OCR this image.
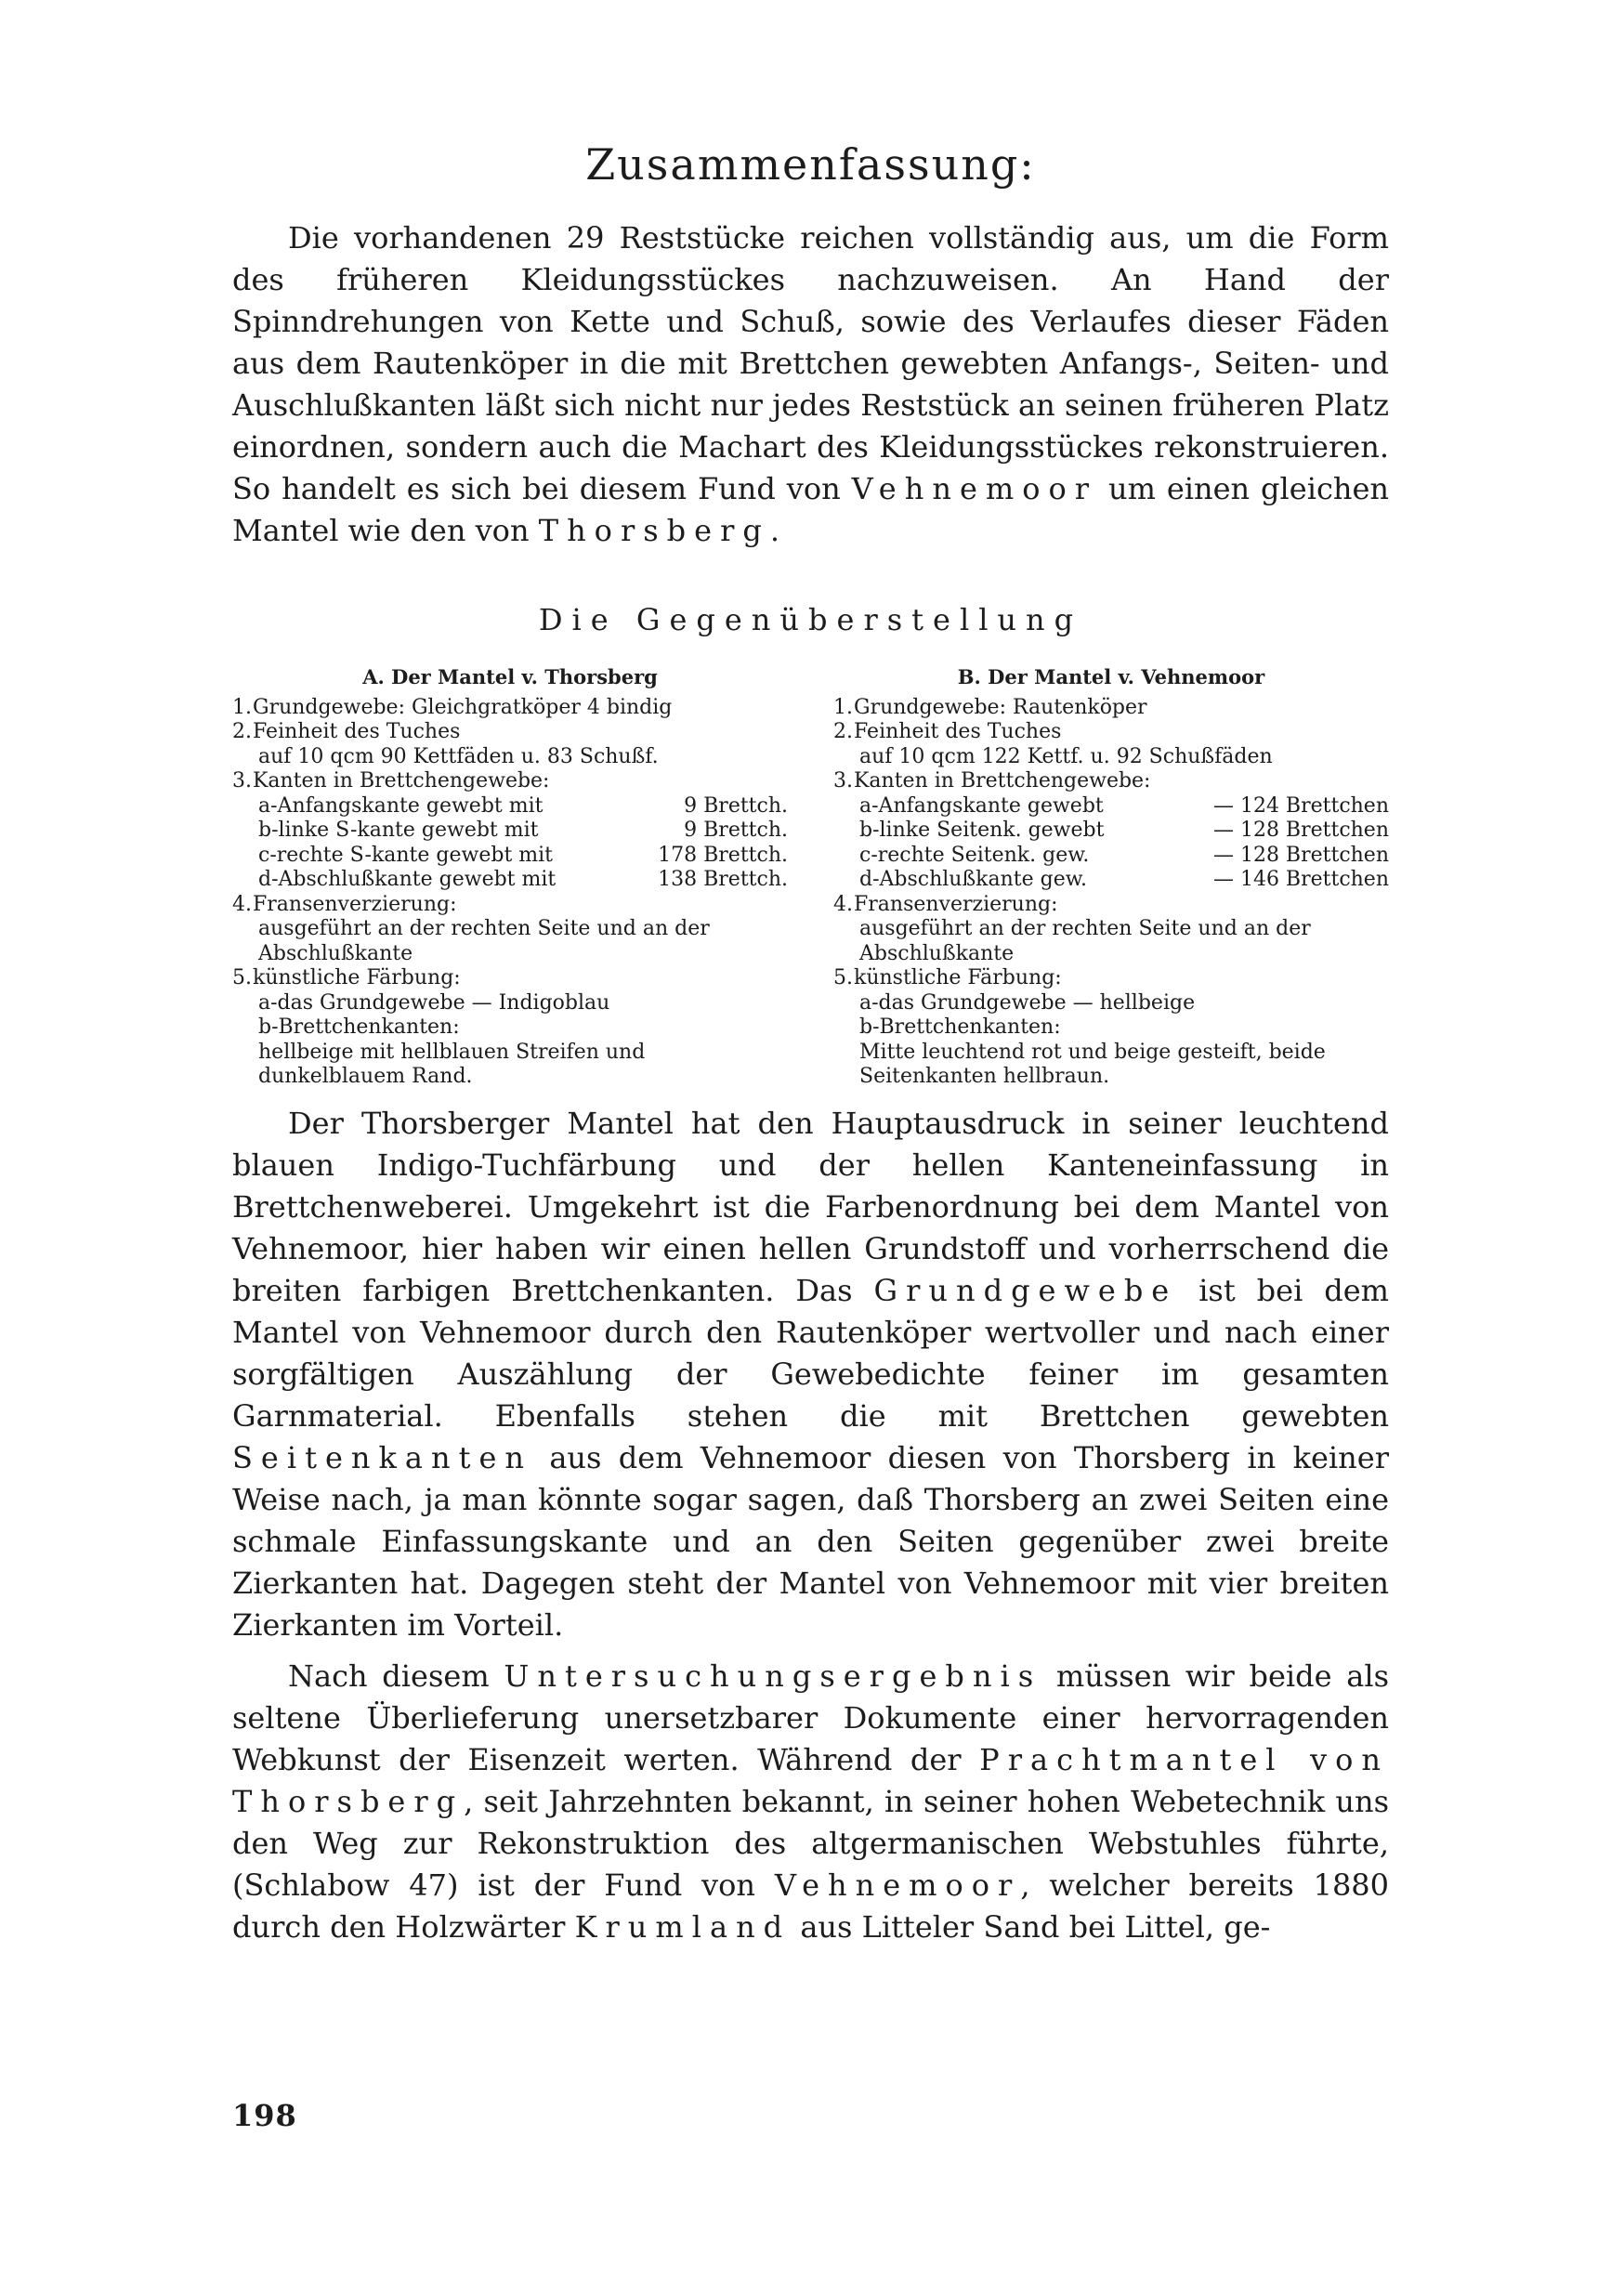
Zusammenfassung:

Die vorhandenen 29 Reststücke reichen vollständig aus, um die Form des früheren Kleidungsstückes nachzuweisen. An Hand der Spinndrehungen von Kette und Schuß, sowie des Verlaufes dieser Fäden aus dem Rautenköper in die mit Brettchen gewebten Anfangs-, Seiten- und Auschlußkanten läßt sich nicht nur jedes Reststück an seinen früheren Platz einordnen, sondern auch die Machart des Kleidungsstückes rekonstruieren. So handelt es sich bei diesem Fund von Vehnemoor um einen gleichen Mantel wie den von Thorsberg.

Die Gegenüberstellung
A. Der Mantel v. Thorsberg
1. Grundgewebe: Gleichgratköper 4 bindig
2. Feinheit des Tuches
auf 10 qcm 90 Kettfäden u. 83 Schußf.
3. Kanten in Brettchengewebe:
a-Anfangskante gewebt mit	9 Brettch.
b-linke S-kante gewebt mit	9 Brettch.
c-rechte S-kante gewebt mit	178 Brettch.
d-Abschlußkante gewebt mit	138 Brettch.
4. Fransenverzierung:
ausgeführt an der rechten Seite und an der Abschlußkante
5. künstliche Färbung:
a-das Grundgewebe — Indigoblau
b-Brettchenkanten:
hellbeige mit hellblauen Streifen und dunkelblauem Rand.
B. Der Mantel v. Vehnemoor
1. Grundgewebe: Rautenköper
2. Feinheit des Tuches
auf 10 qcm 122 Kettf. u. 92 Schußfäden
3. Kanten in Brettchengewebe:
a-Anfangskante gewebt	— 124 Brettchen
b-linke Seitenk. gewebt	— 128 Brettchen
c-rechte Seitenk. gew.	— 128 Brettchen
d-Abschlußkante gew.	— 146 Brettchen
4. Fransenverzierung:
ausgeführt an der rechten Seite und an der Abschlußkante
5. künstliche Färbung:
a-das Grundgewebe — hellbeige
b-Brettchenkanten:
Mitte leuchtend rot und beige gesteift, beide Seitenkanten hellbraun.

Der Thorsberger Mantel hat den Hauptausdruck in seiner leuchtend blauen Indigo-Tuchfärbung und der hellen Kanteneinfassung in Brettchenweberei. Umgekehrt ist die Farbenordnung bei dem Mantel von Vehnemoor, hier haben wir einen hellen Grundstoff und vorherrschend die breiten farbigen Brettchenkanten. Das Grundgewebe ist bei dem Mantel von Vehnemoor durch den Rautenköper wertvoller und nach einer sorgfältigen Auszählung der Gewebedichte feiner im gesamten Garnmaterial. Ebenfalls stehen die mit Brettchen gewebten Seitenkanten aus dem Vehnemoor diesen von Thorsberg in keiner Weise nach, ja man könnte sogar sagen, daß Thorsberg an zwei Seiten eine schmale Einfassungskante und an den Seiten gegenüber zwei breite Zierkanten hat. Dagegen steht der Mantel von Vehnemoor mit vier breiten Zierkanten im Vorteil.

Nach diesem Untersuchungsergebnis müssen wir beide als seltene Überlieferung unersetzbarer Dokumente einer hervorragenden Webkunst der Eisenzeit werten. Während der Prachtmantel von Thorsberg, seit Jahrzehnten bekannt, in seiner hohen Webetechnik uns den Weg zur Rekonstruktion des altgermanischen Webstuhles führte, (Schlabow 47) ist der Fund von Vehnemoor, welcher bereits 1880 durch den Holzwärter Krumland aus Litteler Sand bei Littel, ge-

198
